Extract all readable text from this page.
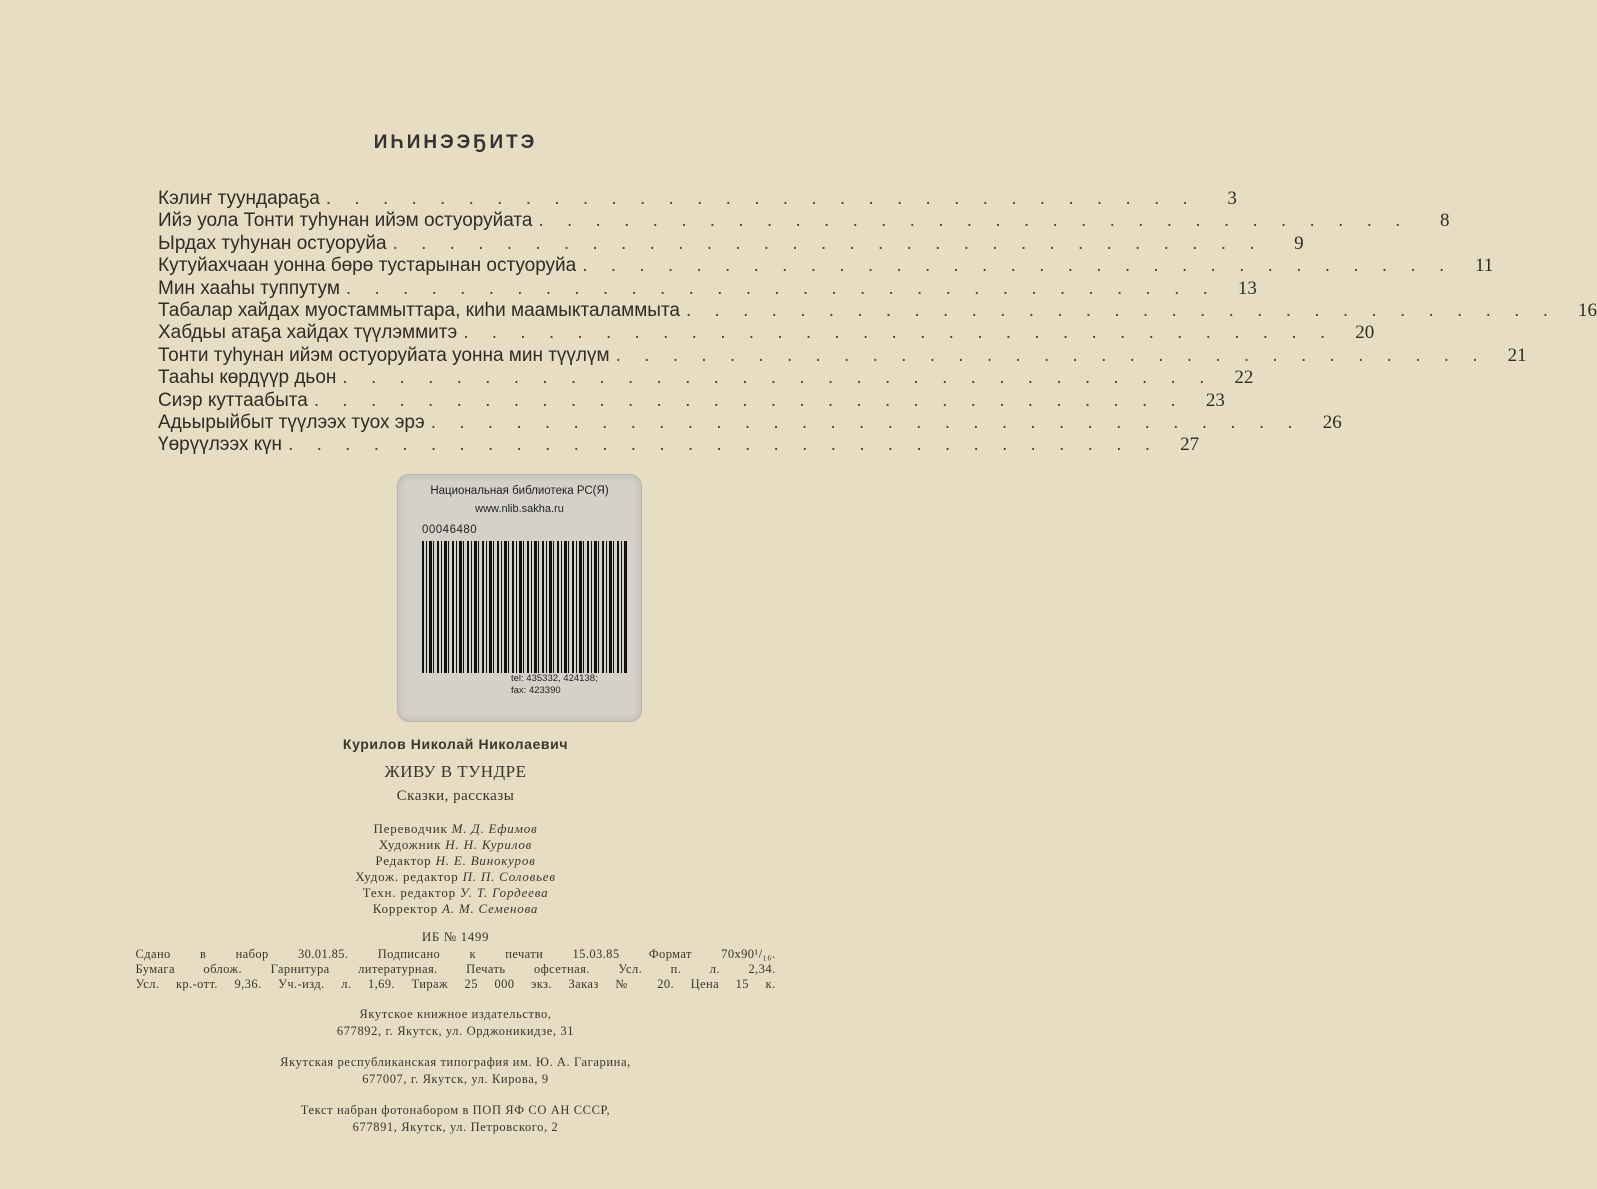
ИҺИНЭЭҔИТЭ
Кэлиҥ туундараҕа . . . . . . . . . . . . . . . . . . . . . . . . . . . . . . .	3
Ийэ уола Тонти туһунан ийэм остуоруйата . . . . . . . . . . . . . . . . . . . . . . . . . . . . . . .	8
Ырдах туһунан остуоруйа . . . . . . . . . . . . . . . . . . . . . . . . . . . . . . .	9
Кутуйахчаан уонна бөрө тустарынан остуоруйа . . . . . . . . . . . . . . . . . . . . . . . . . . . . . . .	11
Мин хааһы туппутум . . . . . . . . . . . . . . . . . . . . . . . . . . . . . . .	13
Табалар хайдах муостаммыттара, киһи маамыкталаммыта . . . . . . . . . . . . . . . . . . . . . . . . . . . . . . .	16
Хабдьы атаҕа хайдах түүлэммитэ . . . . . . . . . . . . . . . . . . . . . . . . . . . . . . .	20
Тонти туһунан ийэм остуоруйата уонна мин түүлүм . . . . . . . . . . . . . . . . . . . . . . . . . . . . . . .	21
Тааһы көрдүүр дьон . . . . . . . . . . . . . . . . . . . . . . . . . . . . . . .	22
Сиэр куттаабыта . . . . . . . . . . . . . . . . . . . . . . . . . . . . . . .	23
Адьырыйбыт түүлээх туох эрэ . . . . . . . . . . . . . . . . . . . . . . . . . . . . . . .	26
Үөрүүлээх күн . . . . . . . . . . . . . . . . . . . . . . . . . . . . . . .	27
Национальная библиотека РС(Я)
www.nlib.sakha.ru
00046480
tel: 435332, 424138;
fax: 423390
Курилов Николай Николаевич
ЖИВУ В ТУНДРЕ
Сказки, рассказы
Переводчик М. Д. Ефимов
Художник Н. Н. Курилов
Редактор Н. Е. Винокуров
Худож. редактор П. П. Соловьев
Техн. редактор У. Т. Гордеева
Корректор А. М. Семенова
ИБ № 1499
Сдано в набор 30.01.85. Подписано к печати 15.03.85 Формат 70x90¹/₁₆.
Бумага облож. Гарнитура литературная. Печать офсетная. Усл. п. л. 2,34.
Усл. кр.-отт. 9,36. Уч.-изд. л. 1,69. Тираж 25 000 экз. Заказ № 20. Цена 15 к.
Якутское книжное издательство,
677892, г. Якутск, ул. Орджоникидзе, 31
Якутская республиканская типография им. Ю. А. Гагарина,
677007, г. Якутск, ул. Кирова, 9
Текст набран фотонабором в ПОП ЯФ СО АН СССР,
677891, Якутск, ул. Петровского, 2
